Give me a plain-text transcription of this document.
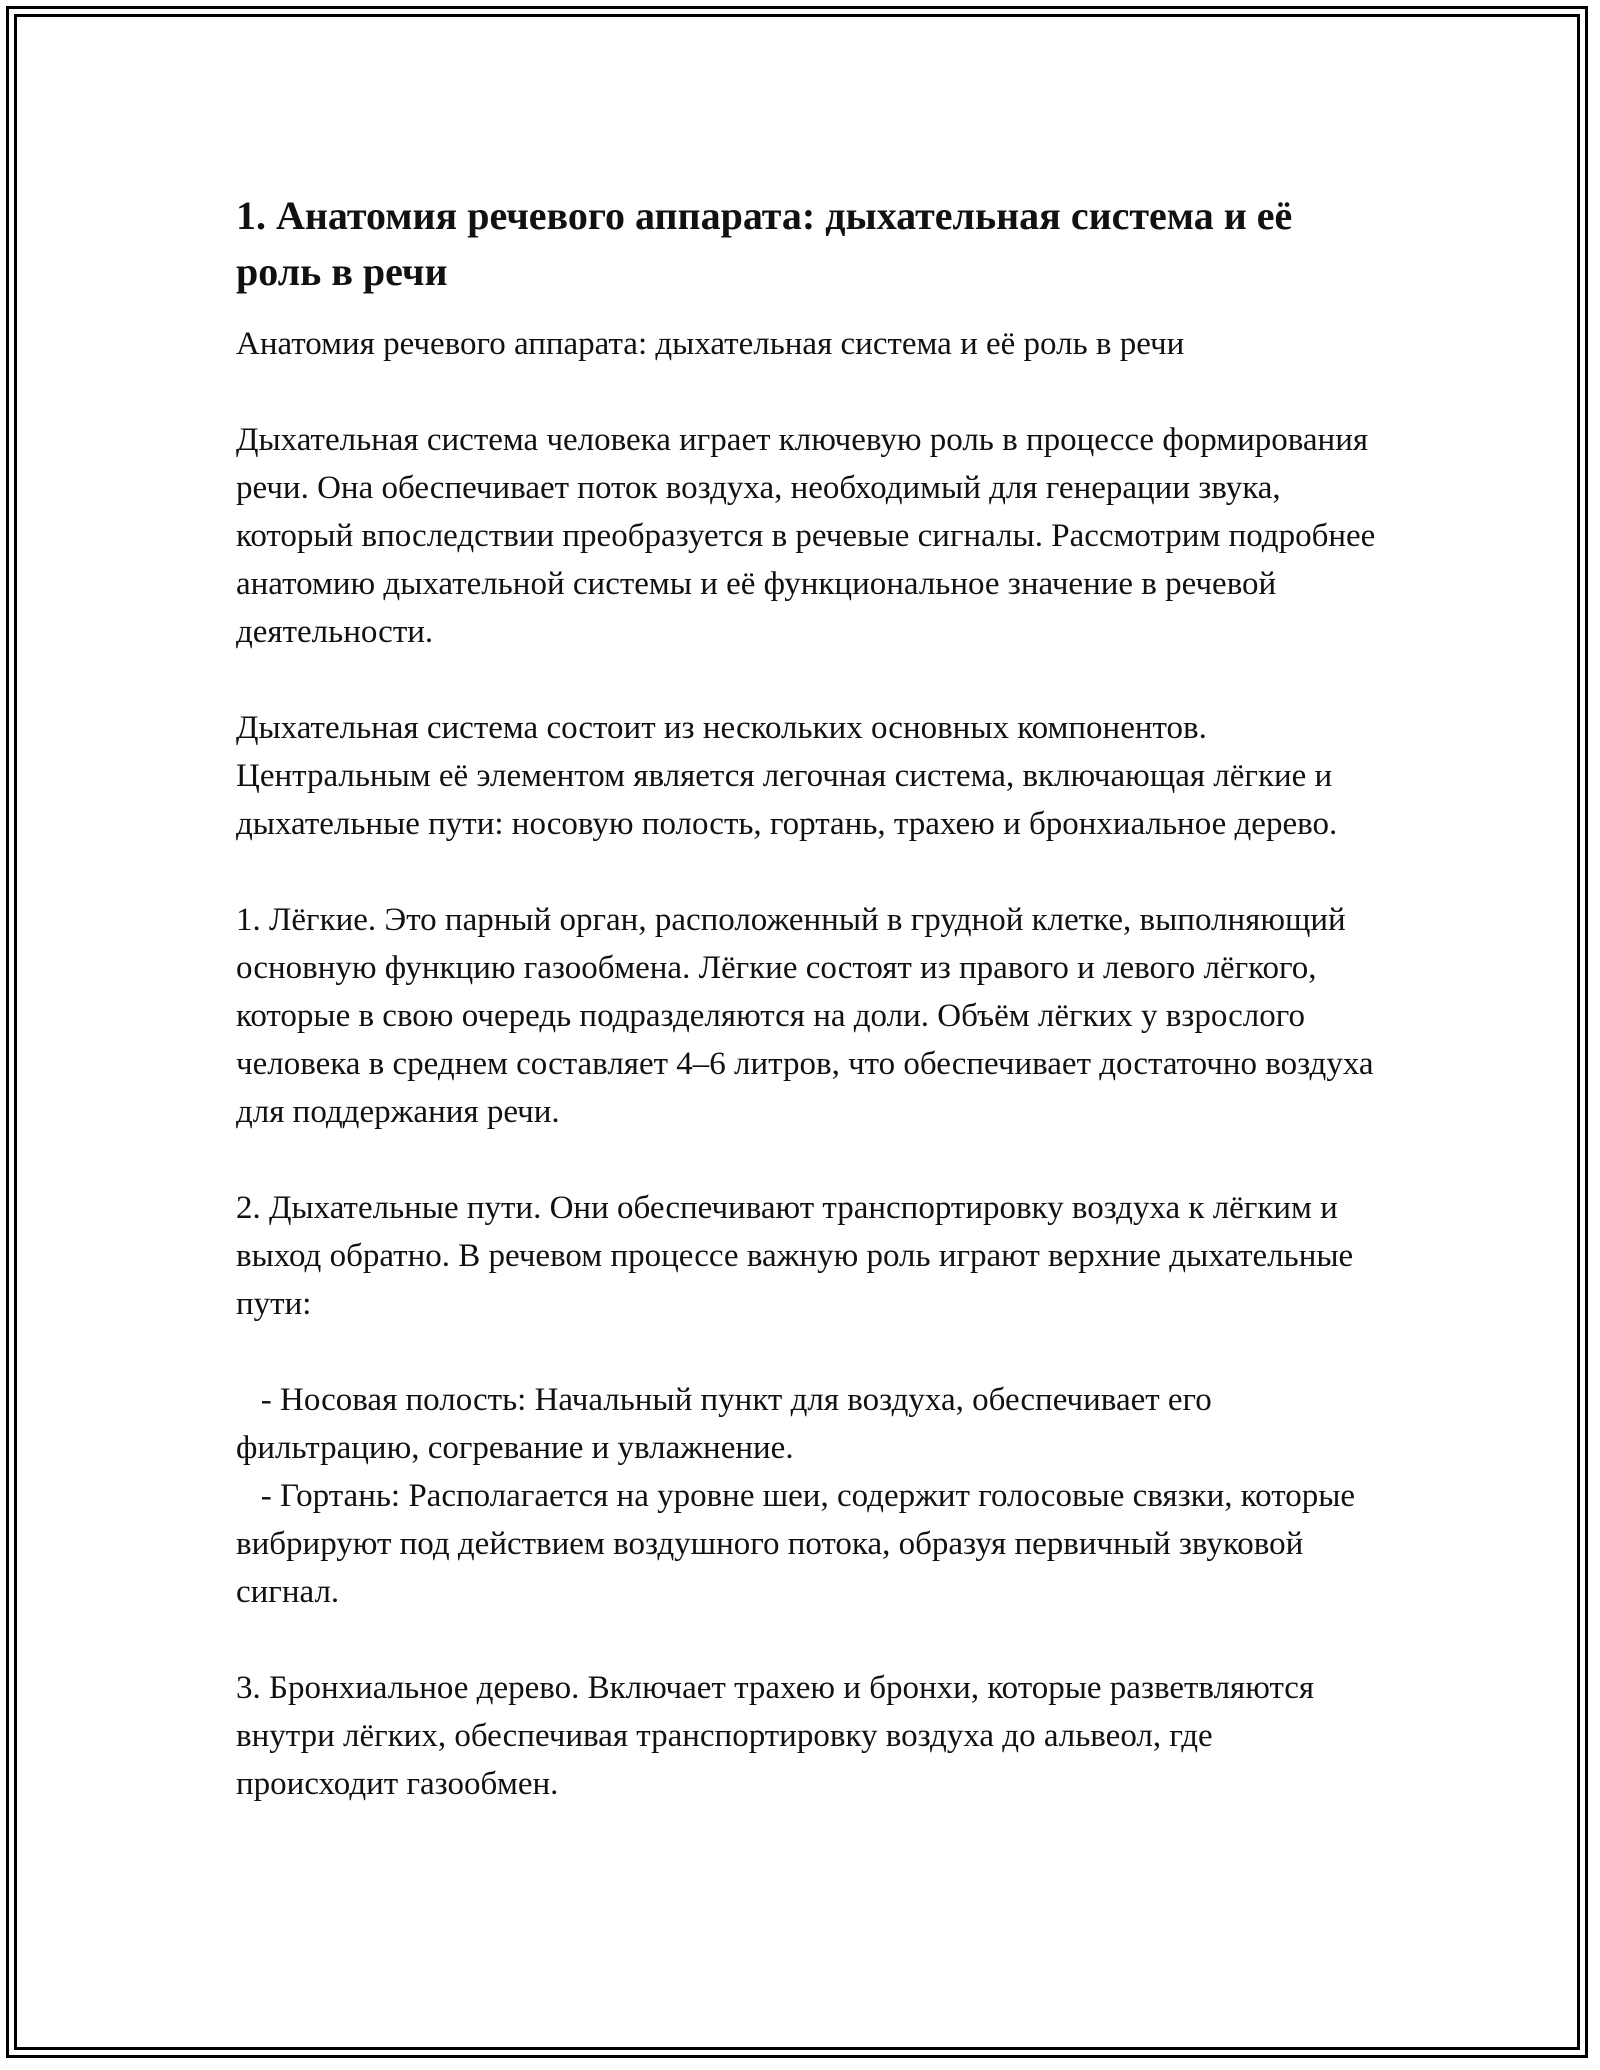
1. Анатомия речевого аппарата: дыхательная система и её роль в речи

Анатомия речевого аппарата: дыхательная система и её роль в речи

Дыхательная система человека играет ключевую роль в процессе формирования речи. Она обеспечивает поток воздуха, необходимый для генерации звука, который впоследствии преобразуется в речевые сигналы. Рассмотрим подробнее анатомию дыхательной системы и её функциональное значение в речевой деятельности.

Дыхательная система состоит из нескольких основных компонентов. Центральным её элементом является легочная система, включающая лёгкие и дыхательные пути: носовую полость, гортань, трахею и бронхиальное дерево.

1. Лёгкие. Это парный орган, расположенный в грудной клетке, выполняющий основную функцию газообмена. Лёгкие состоят из правого и левого лёгкого, которые в свою очередь подразделяются на доли. Объём лёгких у взрослого человека в среднем составляет 4–6 литров, что обеспечивает достаточно воздуха для поддержания речи.

2. Дыхательные пути. Они обеспечивают транспортировку воздуха к лёгким и выход обратно. В речевом процессе важную роль играют верхние дыхательные пути:

- Носовая полость: Начальный пункт для воздуха, обеспечивает его фильтрацию, согревание и увлажнение.
- Гортань: Располагается на уровне шеи, содержит голосовые связки, которые вибрируют под действием воздушного потока, образуя первичный звуковой сигнал.

3. Бронхиальное дерево. Включает трахею и бронхи, которые разветвляются внутри лёгких, обеспечивая транспортировку воздуха до альвеол, где происходит газообмен.
